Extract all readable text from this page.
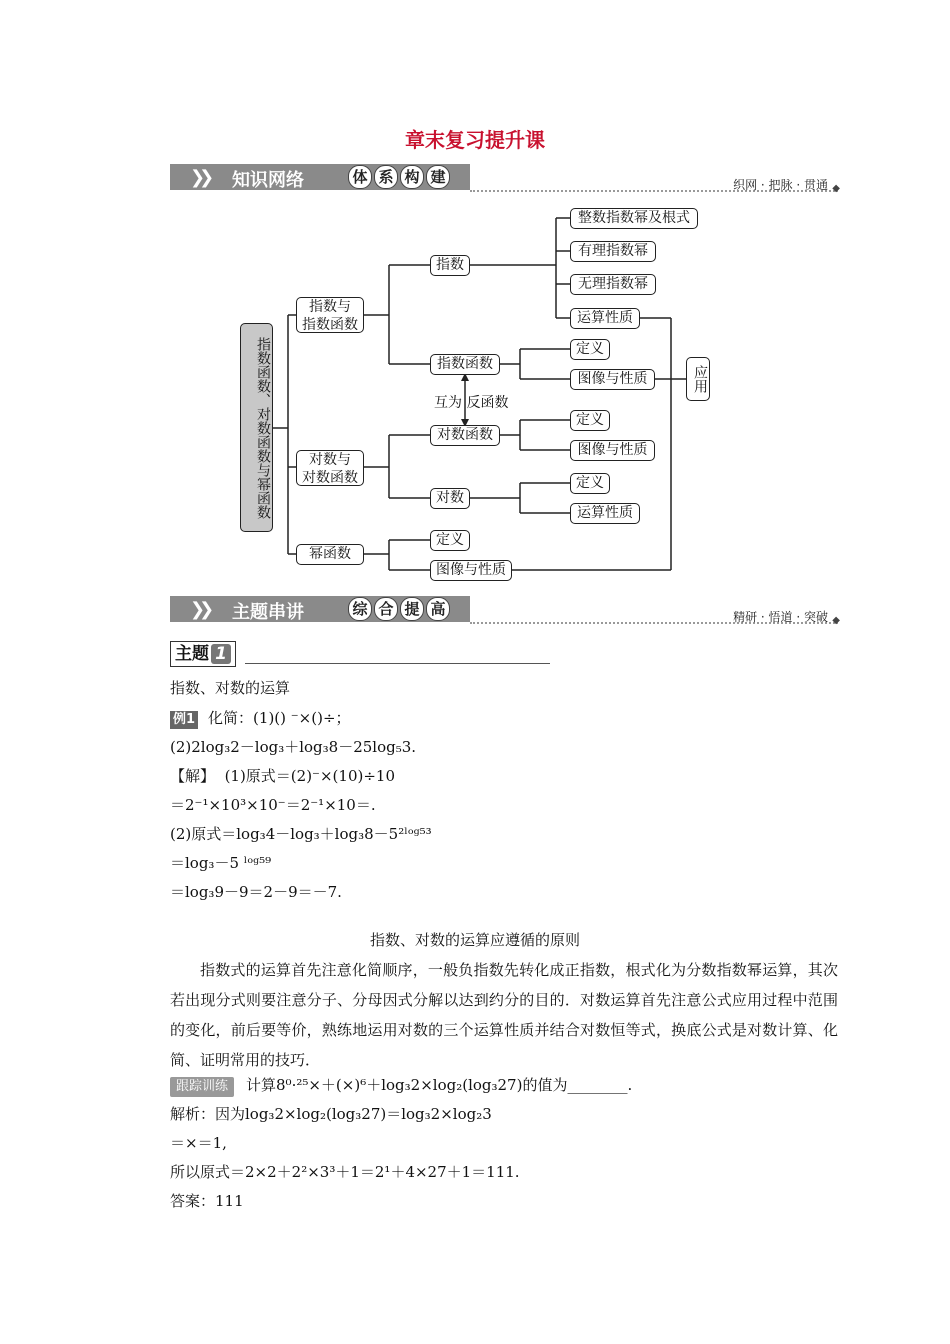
章末复习提升课
❯❯ 知识网络	体 系 构 建	织网 · 把脉 · 贯通 ◆
指数函数、对数函数与幂函数
指数与
指数函数
指数
整数指数幂及根式
有理指数幂
无理指数幂
运算性质
指数函数
定义
图像与性质
互为 反函数
对数与
对数函数
对数函数
定义
图像与性质
对数
定义
运算性质
幂函数
定义
图像与性质
应用
❯❯ 主题串讲	综 合 提 高	精研 · 悟道 · 突破 ◆
主题 1
指数、对数的运算
例1 化简：(1)() ⁻×()÷；
(2)2log₃2－log₃＋log₃8－25log₅3.
【解】 (1)原式＝(2)⁻×(10)÷10
＝2⁻¹×10³×10⁻＝2⁻¹×10＝.
(2)原式＝log₃4－log₃＋log₃8－5²ˡᵒᵍ⁵³
＝log₃－5 ˡᵒᵍ⁵⁹
＝log₃9－9＝2－9＝－7.
指数、对数的运算应遵循的原则
指数式的运算首先注意化简顺序，一般负指数先转化成正指数，根式化为分数指数幂运算，其次若出现分式则要注意分子、分母因式分解以达到约分的目的．对数运算首先注意公式应用过程中范围的变化，前后要等价，熟练地运用对数的三个运算性质并结合对数恒等式，换底公式是对数计算、化简、证明常用的技巧．
跟踪训练 计算8⁰·²⁵×＋(×)⁶＋log₃2×log₂(log₃27)的值为________.
解析：因为log₃2×log₂(log₃27)＝log₃2×log₂3
＝×＝1,
所以原式＝2×2＋2²×3³＋1＝2¹＋4×27＋1＝111.
答案：111
